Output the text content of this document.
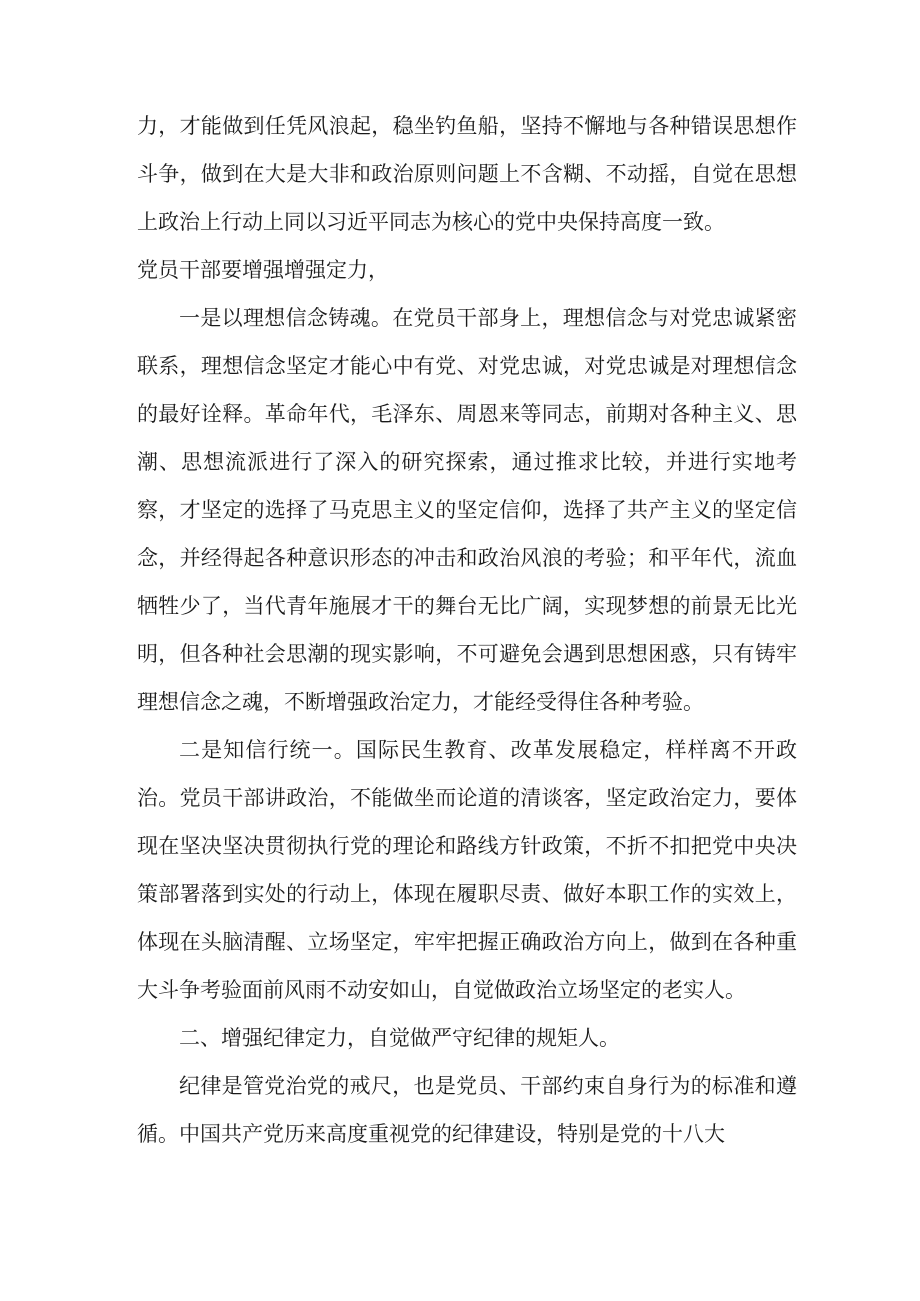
力，才能做到任凭风浪起，稳坐钓鱼船，坚持不懈地与各种错误思想作斗争，做到在大是大非和政治原则问题上不含糊、不动摇，自觉在思想上政治上行动上同以习近平同志为核心的党中央保持高度一致。

党员干部要增强增强定力，

一是以理想信念铸魂。在党员干部身上，理想信念与对党忠诚紧密联系，理想信念坚定才能心中有党、对党忠诚，对党忠诚是对理想信念的最好诠释。革命年代，毛泽东、周恩来等同志，前期对各种主义、思潮、思想流派进行了深入的研究探索，通过推求比较，并进行实地考察，才坚定的选择了马克思主义的坚定信仰，选择了共产主义的坚定信念，并经得起各种意识形态的冲击和政治风浪的考验；和平年代，流血牺牲少了，当代青年施展才干的舞台无比广阔，实现梦想的前景无比光明，但各种社会思潮的现实影响，不可避免会遇到思想困惑，只有铸牢理想信念之魂，不断增强政治定力，才能经受得住各种考验。

二是知信行统一。国际民生教育、改革发展稳定，样样离不开政治。党员干部讲政治，不能做坐而论道的清谈客，坚定政治定力，要体现在坚决坚决贯彻执行党的理论和路线方针政策，不折不扣把党中央决策部署落到实处的行动上，体现在履职尽责、做好本职工作的实效上，体现在头脑清醒、立场坚定，牢牢把握正确政治方向上，做到在各种重大斗争考验面前风雨不动安如山，自觉做政治立场坚定的老实人。

二、增强纪律定力，自觉做严守纪律的规矩人。

纪律是管党治党的戒尺，也是党员、干部约束自身行为的标准和遵循。中国共产党历来高度重视党的纪律建设，特别是党的十八大
